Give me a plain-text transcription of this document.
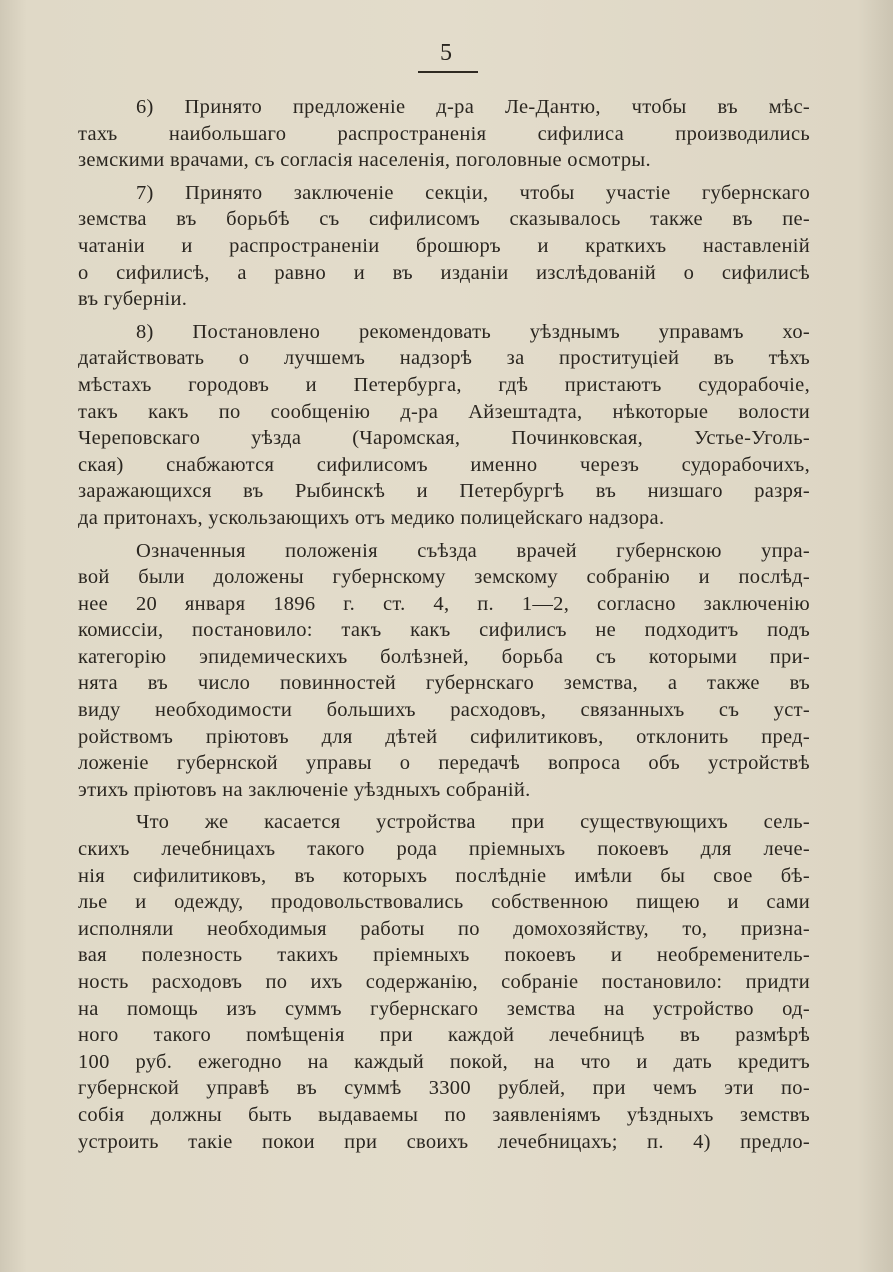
5
6) Принято предложенiе д-ра Ле-Дантю, чтобы въ мѣс-
тахъ наибольшаго распространенiя сифилиса производились
земскими врачами, съ согласiя населенiя, поголовные осмотры.
7) Принято заключенiе секцiи, чтобы участiе губернскаго
земства въ борьбѣ съ сифилисомъ сказывалось также въ пе-
чатанiи и распространенiи брошюръ и краткихъ наставленiй
о сифилисѣ, а равно и въ изданiи изслѣдованiй о сифилисѣ
въ губернiи.
8) Постановлено рекомендовать уѣзднымъ управамъ хо-
датайствовать о лучшемъ надзорѣ за проституцiей въ тѣхъ
мѣстахъ городовъ и Петербурга, гдѣ пристаютъ судорабочiе,
такъ какъ по сообщенiю д-ра Айзештадта, нѣкоторые волости
Череповскаго уѣзда (Чаромская, Починковская, Устье-Уголь-
ская) снабжаются сифилисомъ именно черезъ судорабочихъ,
заражающихся въ Рыбинскѣ и Петербургѣ въ низшаго разря-
да притонахъ, ускользающихъ отъ медико полицейскаго надзора.
Означенныя положенiя съѣзда врачей губернскою упра-
вой были доложены губернскому земскому собранiю и послѣд-
нее 20 января 1896 г. ст. 4, п. 1—2, согласно заключенiю
комиссiи, постановило: такъ какъ сифилисъ не подходитъ подъ
категорiю эпидемическихъ болѣзней, борьба съ которыми при-
нята въ число повинностей губернскаго земства, а также въ
виду необходимости большихъ расходовъ, связанныхъ съ уст-
ройствомъ прiютовъ для дѣтей сифилитиковъ, отклонить пред-
ложенiе губернской управы о передачѣ вопроса объ устройствѣ
этихъ прiютовъ на заключенiе уѣздныхъ собранiй.
Что же касается устройства при существующихъ сель-
скихъ лечебницахъ такого рода прiемныхъ покоевъ для лече-
нiя сифилитиковъ, въ которыхъ послѣднiе имѣли бы свое бѣ-
лье и одежду, продовольствовались собственною пищею и сами
исполняли необходимыя работы по домохозяйству, то, призна-
вая полезность такихъ прiемныхъ покоевъ и необременитель-
ность расходовъ по ихъ содержанiю, собранiе постановило: придти
на помощь изъ суммъ губернскаго земства на устройство од-
ного такого помѣщенiя при каждой лечебницѣ въ размѣрѣ
100 руб. ежегодно на каждый покой, на что и дать кредитъ
губернской управѣ въ суммѣ 3300 рублей, при чемъ эти по-
собiя должны быть выдаваемы по заявленiямъ уѣздныхъ земствъ
устроить такiе покои при своихъ лечебницахъ; п. 4) предло-
